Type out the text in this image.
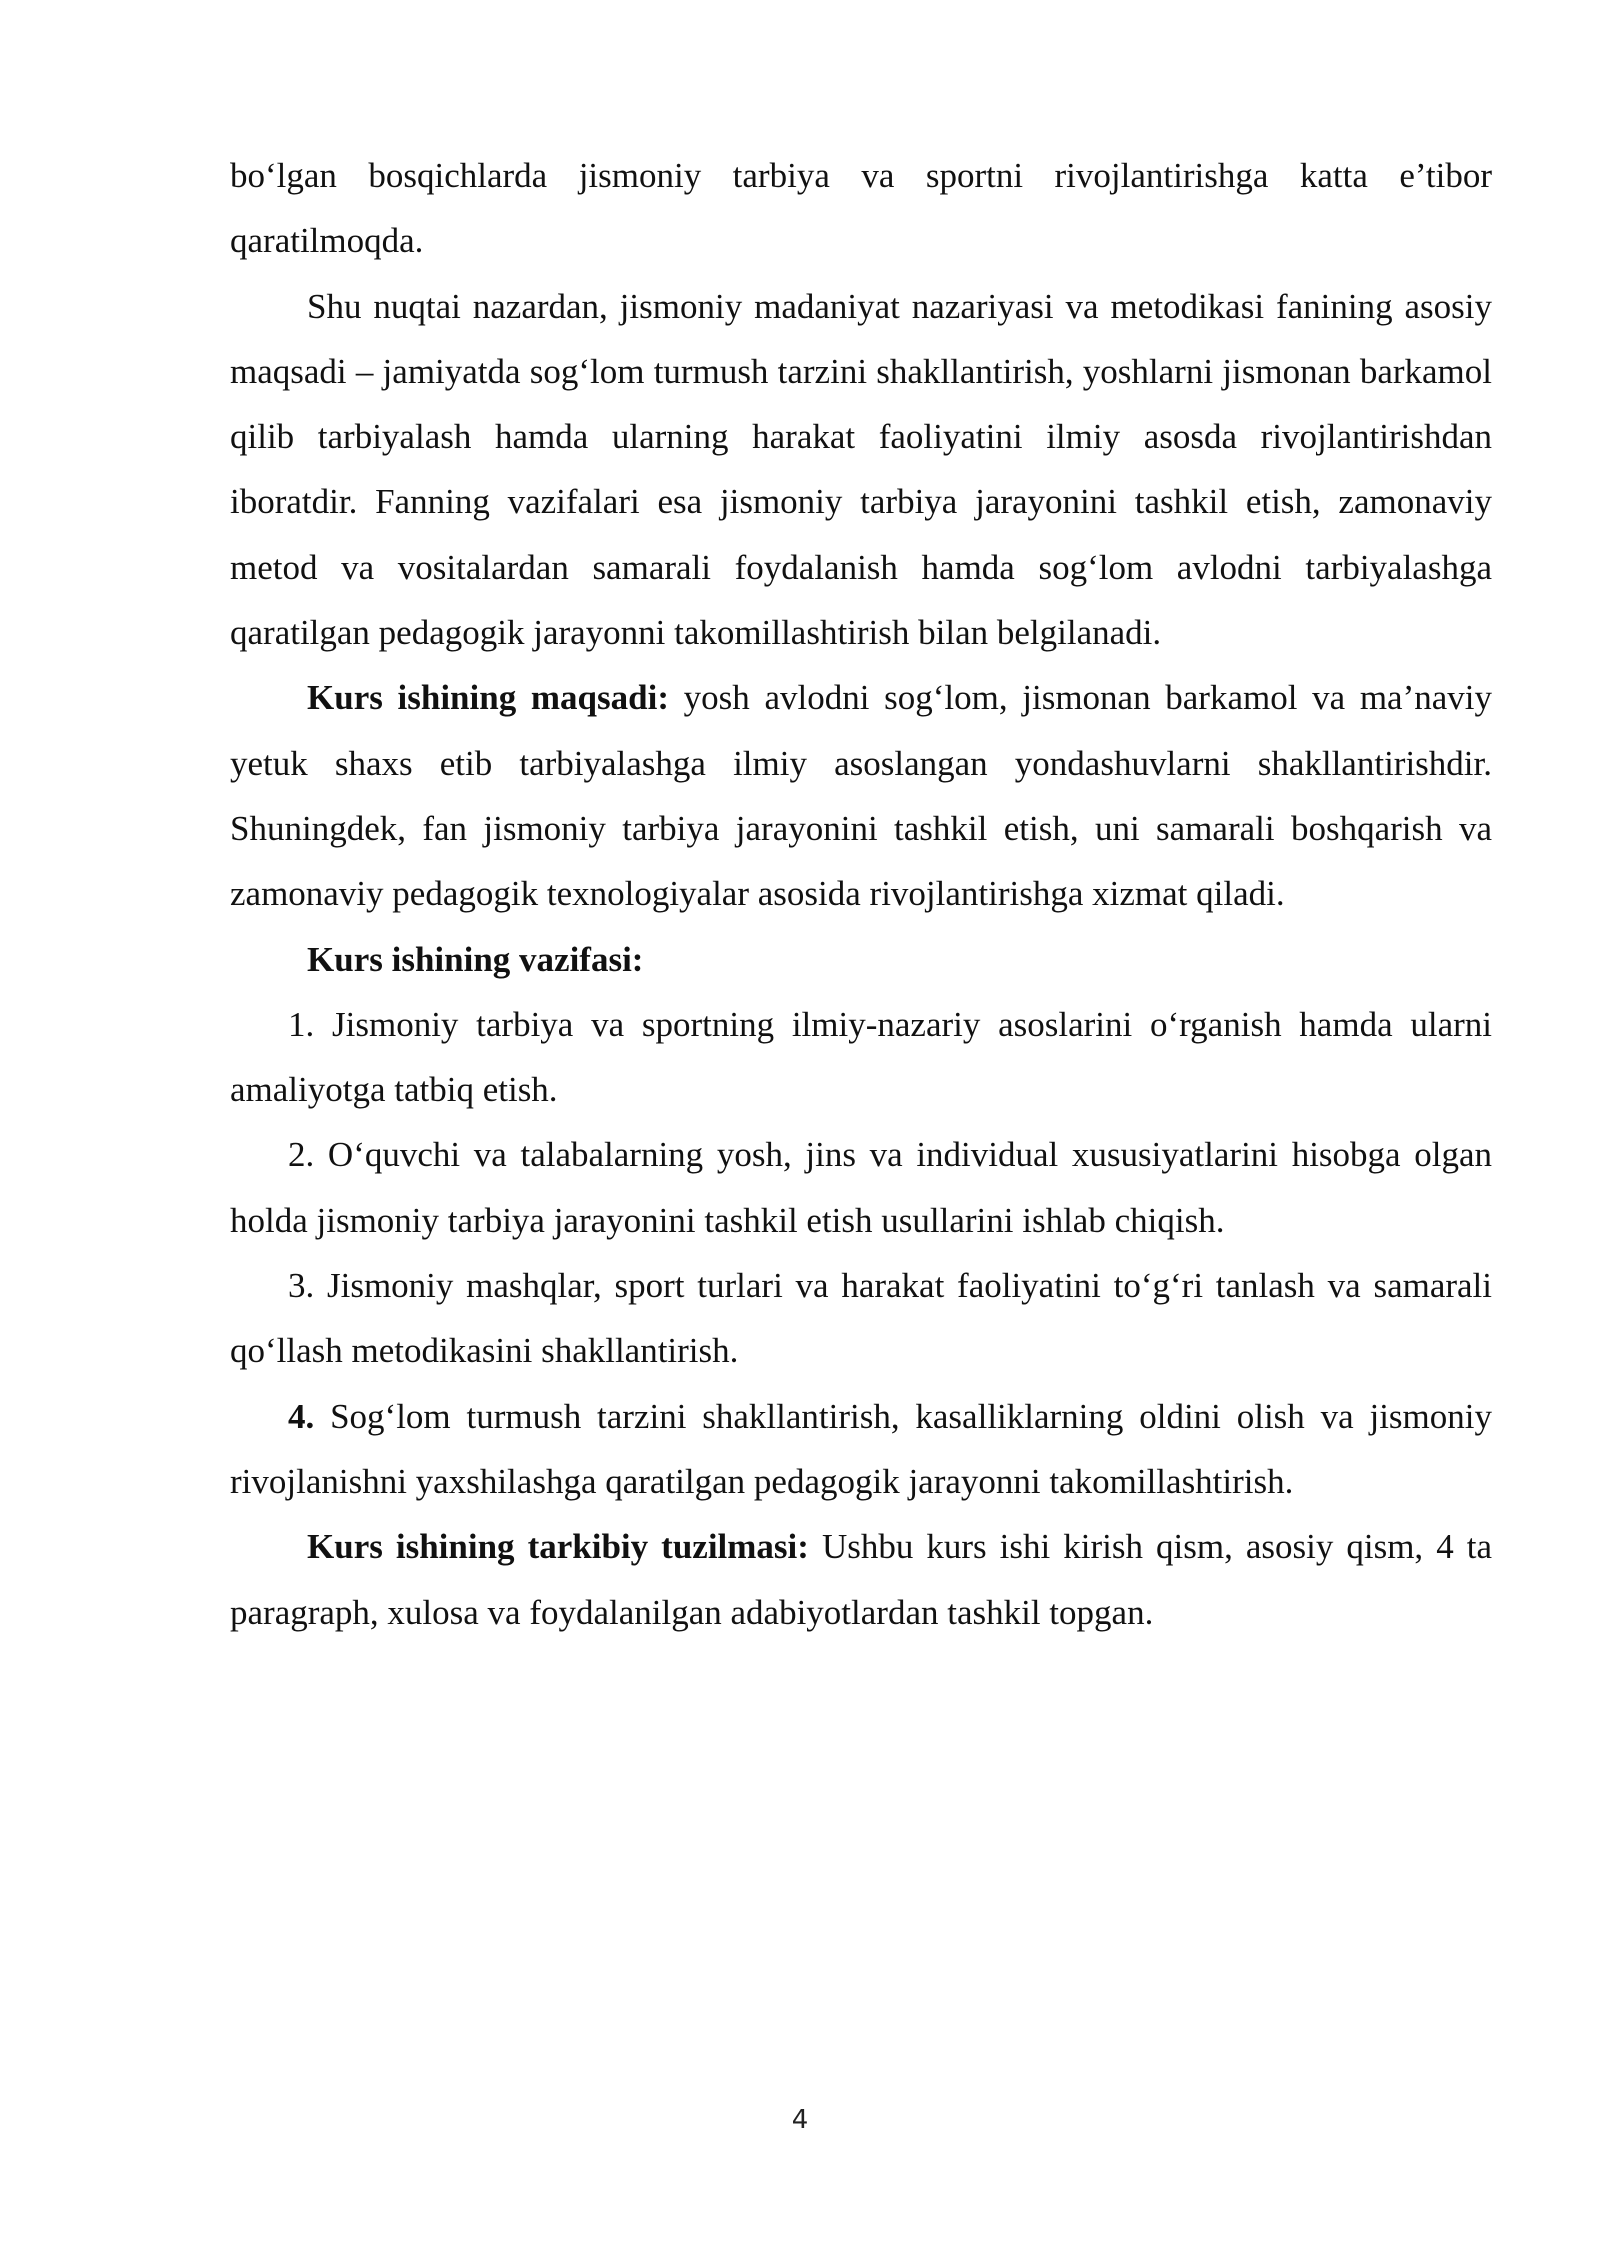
bo‘lgan bosqichlarda jismoniy tarbiya va sportni rivojlantirishga katta e’tibor qaratilmoqda.

Shu nuqtai nazardan, jismoniy madaniyat nazariyasi va metodikasi fanining asosiy maqsadi – jamiyatda sog‘lom turmush tarzini shakllantirish, yoshlarni jismonan barkamol qilib tarbiyalash hamda ularning harakat faoliyatini ilmiy asosda rivojlantirishdan iboratdir. Fanning vazifalari esa jismoniy tarbiya jarayonini tashkil etish, zamonaviy metod va vositalardan samarali foydalanish hamda sog‘lom avlodni tarbiyalashga qaratilgan pedagogik jarayonni takomillashtirish bilan belgilanadi.

Kurs ishining maqsadi: yosh avlodni sog‘lom, jismonan barkamol va ma’naviy yetuk shaxs etib tarbiyalashga ilmiy asoslangan yondashuvlarni shakllantirishdir. Shuningdek, fan jismoniy tarbiya jarayonini tashkil etish, uni samarali boshqarish va zamonaviy pedagogik texnologiyalar asosida rivojlantirishga xizmat qiladi.

Kurs ishining vazifasi:

1. Jismoniy tarbiya va sportning ilmiy-nazariy asoslarini o‘rganish hamda ularni amaliyotga tatbiq etish.

2. O‘quvchi va talabalarning yosh, jins va individual xususiyatlarini hisobga olgan holda jismoniy tarbiya jarayonini tashkil etish usullarini ishlab chiqish.

3. Jismoniy mashqlar, sport turlari va harakat faoliyatini to‘g‘ri tanlash va samarali qo‘llash metodikasini shakllantirish.

4. Sog‘lom turmush tarzini shakllantirish, kasalliklarning oldini olish va jismoniy rivojlanishni yaxshilashga qaratilgan pedagogik jarayonni takomillashtirish.

Kurs ishining tarkibiy tuzilmasi: Ushbu kurs ishi kirish qism, asosiy qism, 4 ta paragraph, xulosa va foydalanilgan adabiyotlardan tashkil topgan.

4
